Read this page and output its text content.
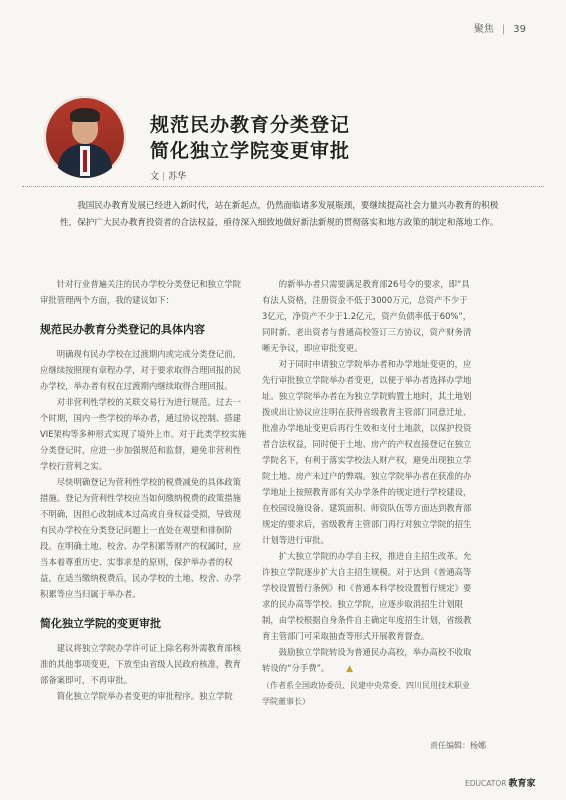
聚焦 | 39
规范民办教育分类登记
简化独立学院变更审批
文 | 苏华
我国民办教育发展已经进入新时代，站在新起点，仍然面临诸多发展瓶颈，要继续提高社会力量兴办教育的积极性，保护广大民办教育投资者的合法权益，亟待深入细致地做好新法新规的贯彻落实和地方政策的制定和落地工作。

针对行业普遍关注的民办学校分类登记和独立学院审批管理两个方面，我的建议如下：

规范民办教育分类登记的具体内容

明确现有民办学校在过渡期内或完成分类登记前，应继续按照现有章程办学，对于要求取得合理回报的民办学校，举办者有权在过渡期内继续取得合理回报。

对非营利性学校的关联交易行为进行规范。过去一个时期，国内一些学校的举办者，通过协议控制、搭建VIE架构等多种形式实现了境外上市。对于此类学校实施分类登记时，应进一步加强规范和监督，避免非营利性学校行营利之实。

尽快明确登记为营利性学校的税费减免的具体政策措施。登记为营利性学校应当如何缴纳税费的政策措施不明确，因担心改制成本过高或自身权益受损，导致现有民办学校在分类登记问题上一直处在观望和徘徊阶段。在明确土地、校舍、办学积累等财产的权属时，应当本着尊重历史、实事求是的原则，保护举办者的权益，在适当缴纳税费后，民办学校的土地、校舍、办学积累等应当归属于举办者。

简化独立学院的变更审批

建议将独立学院办学许可证上除名称外需教育部核准的其他事项变更，下放至由省级人民政府核准，教育部备案即可，不再审批。

简化独立学院举办者变更的审批程序。独立学院

的新举办者只需要满足教育部26号令的要求，即“具有法人资格，注册资金不低于3000万元，总资产不少于3亿元，净资产不少于1.2亿元，资产负债率低于60%”，同时新、老出资者与普通高校签订三方协议，资产财务清晰无争议，即应审批变更。

对于同时申请独立学院举办者和办学地址变更的，应先行审批独立学院举办者变更，以便于举办者选择办学地址。独立学院举办者在为独立学院购置土地时，其土地划拨或出让协议应注明在获得省级教育主管部门同意迁址、批准办学地址变更后再行生效和支付土地款，以保护投资者合法权益，同时便于土地、房产的产权直接登记在独立学院名下，有利于落实学校法人财产权，避免出现独立学院土地、房产未过户的弊端。独立学院举办者在获准的办学地址上按照教育部有关办学条件的规定进行学校建设，在校园设施设备、建筑面积、师资队伍等方面达到教育部规定的要求后，省级教育主管部门再行对独立学院的招生计划等进行审批。

扩大独立学院的办学自主权，推进自主招生改革。允许独立学院逐步扩大自主招生规模。对于达到《普通高等学校设置暂行条例》和《普通本科学校设置暂行规定》要求的民办高等学校、独立学院，应逐步取消招生计划限制，由学校根据自身条件自主确定年度招生计划，省级教育主管部门可采取抽查等形式开展教育督查。

鼓励独立学院转设为普通民办高校，举办高校不收取转设的“分手费”。 ▲

（作者系全国政协委员、民建中央常委、四川民用技术职业学院董事长）

责任编辑：杨娜
EDUCATOR 教育家
